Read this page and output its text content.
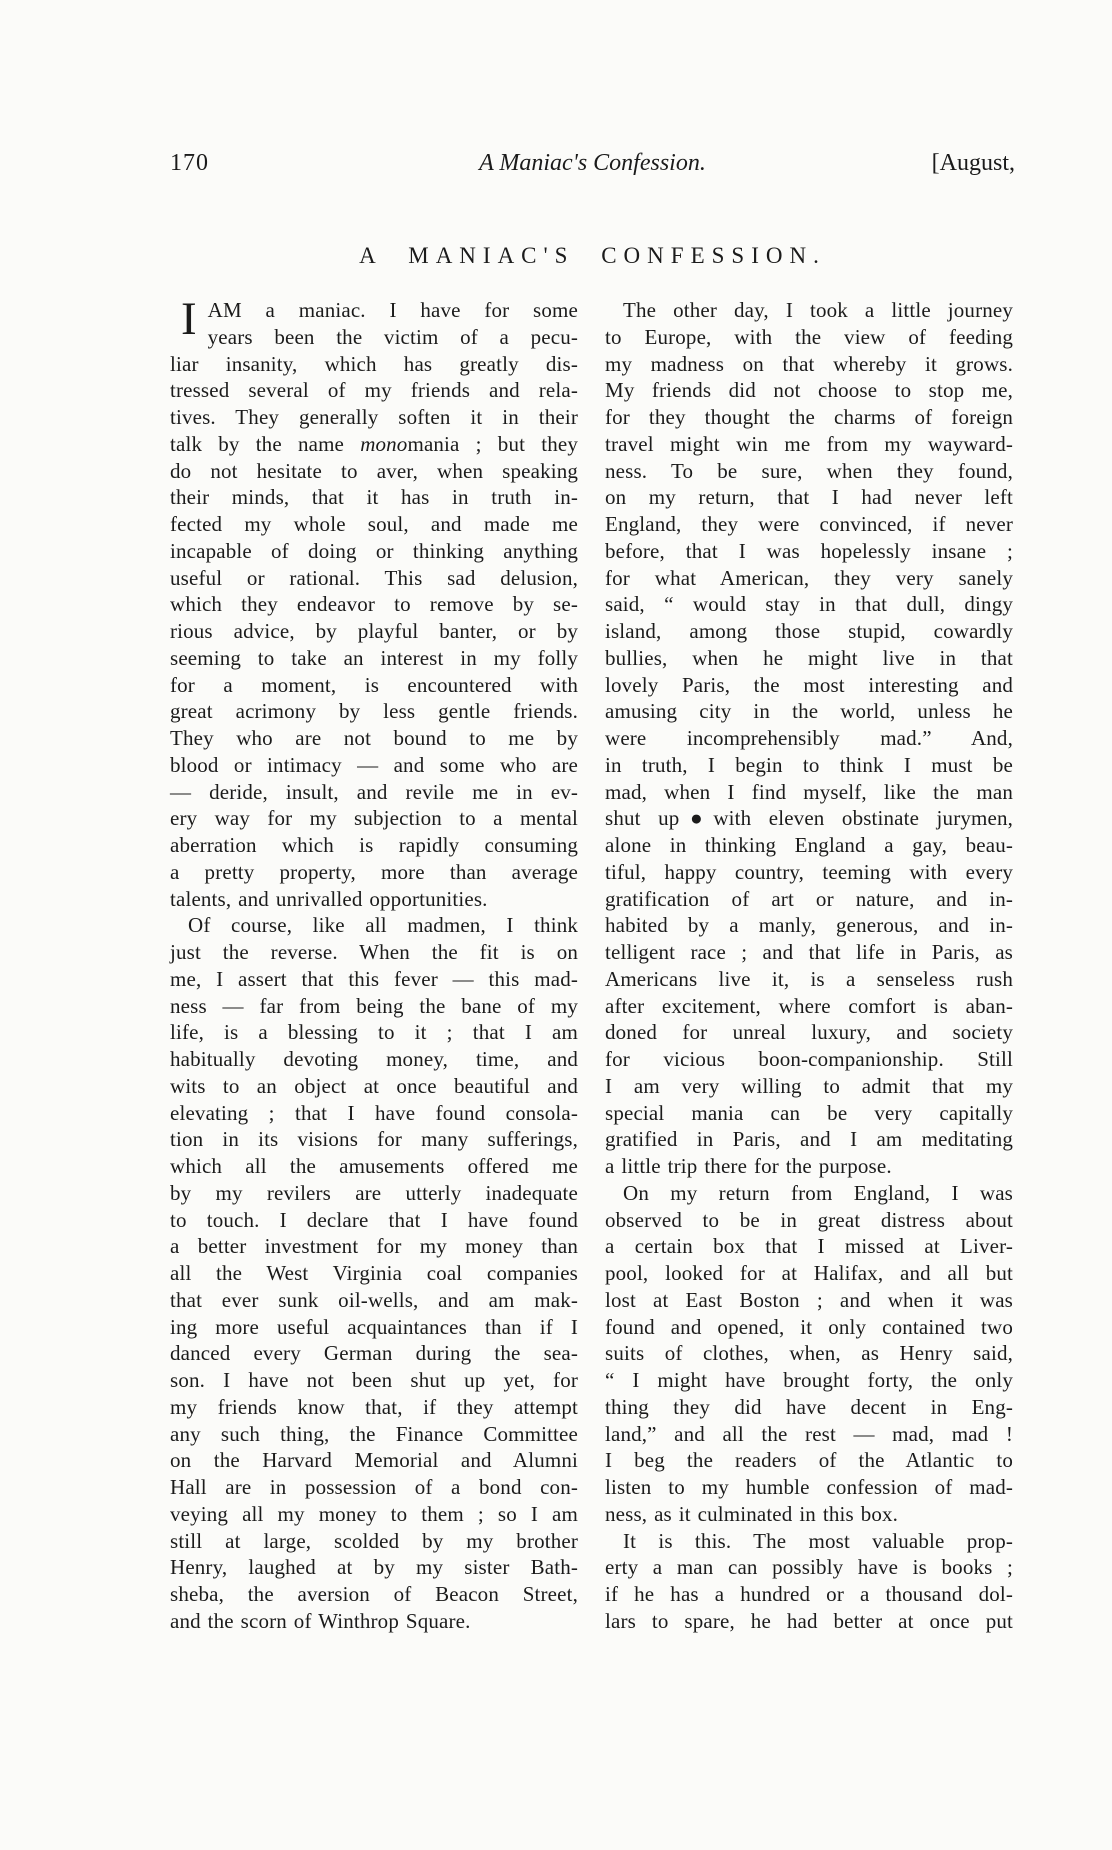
170	A Maniac's Confession.	[August,
A MANIAC'S CONFESSION.
I AM a maniac. I have for some
years been the victim of a pecu-
liar insanity, which has greatly dis-
tressed several of my friends and rela-
tives. They generally soften it in their
talk by the name monomania ; but they
do not hesitate to aver, when speaking
their minds, that it has in truth in-
fected my whole soul, and made me
incapable of doing or thinking anything
useful or rational. This sad delusion,
which they endeavor to remove by se-
rious advice, by playful banter, or by
seeming to take an interest in my folly
for a moment, is encountered with
great acrimony by less gentle friends.
They who are not bound to me by
blood or intimacy — and some who are
— deride, insult, and revile me in ev-
ery way for my subjection to a mental
aberration which is rapidly consuming
a pretty property, more than average
talents, and unrivalled opportunities.
Of course, like all madmen, I think
just the reverse. When the fit is on
me, I assert that this fever — this mad-
ness — far from being the bane of my
life, is a blessing to it ; that I am
habitually devoting money, time, and
wits to an object at once beautiful and
elevating ; that I have found consola-
tion in its visions for many sufferings,
which all the amusements offered me
by my revilers are utterly inadequate
to touch. I declare that I have found
a better investment for my money than
all the West Virginia coal companies
that ever sunk oil-wells, and am mak-
ing more useful acquaintances than if I
danced every German during the sea-
son. I have not been shut up yet, for
my friends know that, if they attempt
any such thing, the Finance Committee
on the Harvard Memorial and Alumni
Hall are in possession of a bond con-
veying all my money to them ; so I am
still at large, scolded by my brother
Henry, laughed at by my sister Bath-
sheba, the aversion of Beacon Street,
and the scorn of Winthrop Square.
The other day, I took a little journey
to Europe, with the view of feeding
my madness on that whereby it grows.
My friends did not choose to stop me,
for they thought the charms of foreign
travel might win me from my wayward-
ness. To be sure, when they found,
on my return, that I had never left
England, they were convinced, if never
before, that I was hopelessly insane ;
for what American, they very sanely
said, “ would stay in that dull, dingy
island, among those stupid, cowardly
bullies, when he might live in that
lovely Paris, the most interesting and
amusing city in the world, unless he
were incomprehensibly mad.” And,
in truth, I begin to think I must be
mad, when I find myself, like the man
shut up●with eleven obstinate jurymen,
alone in thinking England a gay, beau-
tiful, happy country, teeming with every
gratification of art or nature, and in-
habited by a manly, generous, and in-
telligent race ; and that life in Paris, as
Americans live it, is a senseless rush
after excitement, where comfort is aban-
doned for unreal luxury, and society
for vicious boon-companionship. Still
I am very willing to admit that my
special mania can be very capitally
gratified in Paris, and I am meditating
a little trip there for the purpose.
On my return from England, I was
observed to be in great distress about
a certain box that I missed at Liver-
pool, looked for at Halifax, and all but
lost at East Boston ; and when it was
found and opened, it only contained two
suits of clothes, when, as Henry said,
“ I might have brought forty, the only
thing they did have decent in Eng-
land,” and all the rest — mad, mad !
I beg the readers of the Atlantic to
listen to my humble confession of mad-
ness, as it culminated in this box.
It is this. The most valuable prop-
erty a man can possibly have is books ;
if he has a hundred or a thousand dol-
lars to spare, he had better at once put
